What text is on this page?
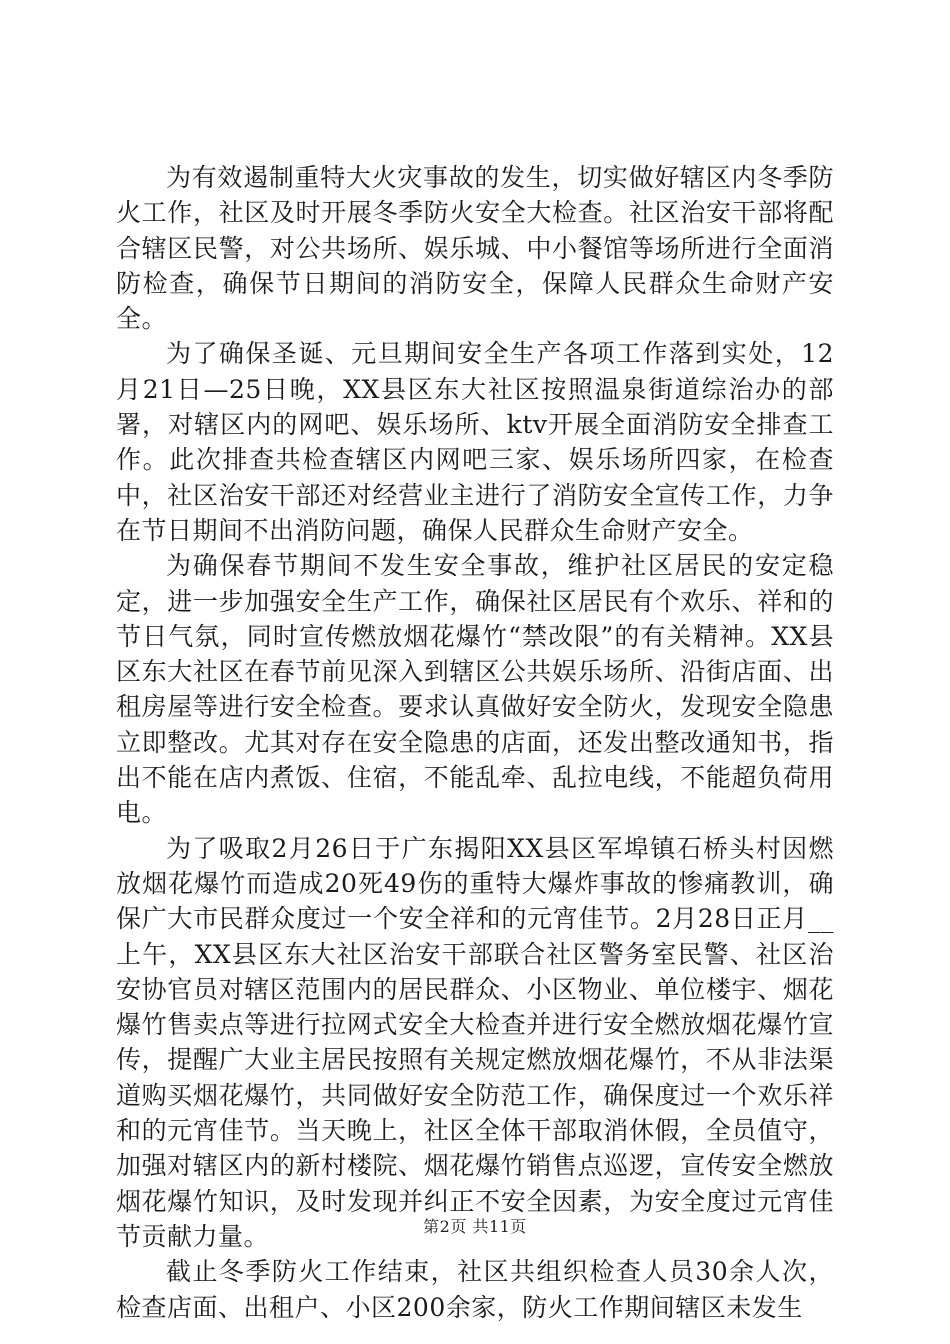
为有效遏制重特大火灾事故的发生，切实做好辖区内冬季防火工作，社区及时开展冬季防火安全大检查。社区治安干部将配合辖区民警，对公共场所、娱乐城、中小餐馆等场所进行全面消防检查，确保节日期间的消防安全，保障人民群众生命财产安全。

为了确保圣诞、元旦期间安全生产各项工作落到实处，12月21日—25日晚，XX县区东大社区按照温泉街道综治办的部署，对辖区内的网吧、娱乐场所、ktv开展全面消防安全排查工作。此次排查共检查辖区内网吧三家、娱乐场所四家，在检查中，社区治安干部还对经营业主进行了消防安全宣传工作，力争在节日期间不出消防问题，确保人民群众生命财产安全。

为确保春节期间不发生安全事故，维护社区居民的安定稳定，进一步加强安全生产工作，确保社区居民有个欢乐、祥和的节日气氛，同时宣传燃放烟花爆竹“禁改限”的有关精神。XX县区东大社区在春节前见深入到辖区公共娱乐场所、沿街店面、出租房屋等进行安全检查。要求认真做好安全防火，发现安全隐患立即整改。尤其对存在安全隐患的店面，还发出整改通知书，指出不能在店内煮饭、住宿，不能乱牵、乱拉电线，不能超负荷用电。

为了吸取2月26日于广东揭阳XX县区军埠镇石桥头村因燃放烟花爆竹而造成20死49伤的重特大爆炸事故的惨痛教训，确保广大市民群众度过一个安全祥和的元宵佳节。2月28日正月__上午，XX县区东大社区治安干部联合社区警务室民警、社区治安协官员对辖区范围内的居民群众、小区物业、单位楼宇、烟花爆竹售卖点等进行拉网式安全大检查并进行安全燃放烟花爆竹宣传，提醒广大业主居民按照有关规定燃放烟花爆竹，不从非法渠道购买烟花爆竹，共同做好安全防范工作，确保度过一个欢乐祥和的元宵佳节。当天晚上，社区全体干部取消休假，全员值守，加强对辖区内的新村楼院、烟花爆竹销售点巡逻，宣传安全燃放烟花爆竹知识，及时发现并纠正不安全因素，为安全度过元宵佳节贡献力量。

截止冬季防火工作结束，社区共组织检查人员30余人次，检查店面、出租户、小区200余家，防火工作期间辖区未发生

第2页 共11页
